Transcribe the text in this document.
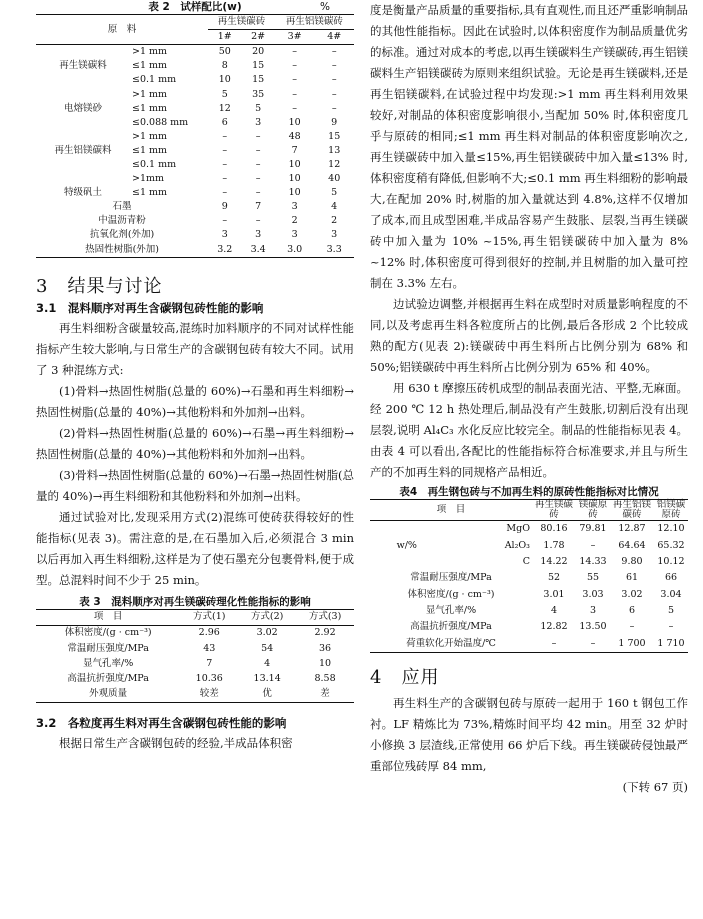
表 2　试样配比(w)	%
原　料		再生镁碳砖		再生铝镁碳砖	
		1#	2#	3#	4#
	>1 mm	50	20	–	–
再生镁碳料	≤1 mm	8	15	–	–
	≤0.1 mm	10	15	–	–
	>1 mm	5	35	–	–
电熔镁砂	≤1 mm	12	5	–	–
	≤0.088 mm	6	3	10	9
	>1 mm	–	–	48	15
再生铝镁碳料	≤1 mm	–	–	7	13
	≤0.1 mm	–	–	10	12
	>1mm	–	–	10	40
特级矾土	≤1 mm	–	–	10	5
石墨		9	7	3	4
中温沥青粉		–	–	2	2
抗氧化剂(外加)		3	3	3	3
热固性树脂(外加)		3.2	3.4	3.0	3.3
3　结果与讨论
3.1　混料顺序对再生含碳钢包砖性能的影响

再生料细粉含碳量较高,混练时加料顺序的不同对试样性能指标产生较大影响,与日常生产的含碳钢包砖有较大不同。试用了 3 种混练方式:

(1)骨料→热固性树脂(总量的 60%)→石墨和再生料细粉→热固性树脂(总量的 40%)→其他粉料和外加剂→出料。

(2)骨料→热固性树脂(总量的 60%)→石墨→再生料细粉→热固性树脂(总量的 40%)→其他粉料和外加剂→出料。

(3)骨料→热固性树脂(总量的 60%)→石墨→热固性树脂(总量的 40%)→再生料细粉和其他粉料和外加剂→出料。

通过试验对比,发现采用方式(2)混练可使砖获得较好的性能指标(见表 3)。需注意的是,在石墨加入后,必须混合 3 min 以后再加入再生料细粉,这样是为了使石墨充分包裹骨料,便于成型。总混料时间不少于 25 min。

表 3　混料顺序对再生镁碳砖理化性能指标的影响
项　目	方式(1)	方式(2)	方式(3)
体积密度/(g · cm⁻³)	2.96	3.02	2.92
常温耐压强度/MPa	43	54	36
显气孔率/%	7	4	10
高温抗折强度/MPa	10.36	13.14	8.58
外观质量	较差	优	差
3.2　各粒度再生料对再生含碳钢包砖性能的影响

根据日常生产含碳钢包砖的经验,半成品体积密

度是衡量产品质量的重要指标,具有直观性,而且还严重影响制品的其他性能指标。因此在试验时,以体积密度作为制品质量优劣的标准。通过对成本的考虑,以再生镁碳料生产镁碳砖,再生铝镁碳料生产铝镁碳砖为原则来组织试验。无论是再生镁碳料,还是再生铝镁碳料,在试验过程中均发现:>1 mm 再生料利用效果较好,对制品的体积密度影响很小,当配加 50% 时,体积密度几乎与原砖的相同;≤1 mm 再生料对制品的体积密度影响次之,再生镁碳砖中加入量≤15%,再生铝镁碳砖中加入量≤13% 时,体积密度稍有降低,但影响不大;≤0.1 mm 再生料细粉的影响最大,在配加 20% 时,树脂的加入量就达到 4.8%,这样不仅增加了成本,而且成型困难,半成品容易产生鼓胀、层裂,当再生镁碳砖中加入量为 10% ~15%,再生铝镁碳砖中加入量为 8% ~12% 时,体积密度可得到很好的控制,并且树脂的加入量可控制在 3.3% 左右。

边试验边调整,并根据再生料在成型时对质量影响程度的不同,以及考虑再生料各粒度所占的比例,最后各形成 2 个比较成熟的配方(见表 2):镁碳砖中再生料所占比例分别为 68% 和 50%;铝镁碳砖中再生料所占比例分别为 65% 和 40%。

用 630 t 摩擦压砖机成型的制品表面光洁、平整,无麻面。经 200 ℃ 12 h 热处理后,制品没有产生鼓胀,切割后没有出现层裂,说明 Al₄C₃ 水化反应比较完全。制品的性能指标见表 4。由表 4 可以看出,各配比的性能指标符合标准要求,并且与所生产的不加再生料的同规格产品相近。

表4　再生钢包砖与不加再生料的原砖性能指标对比情况
项　目		再生镁碳砖	镁碳原砖	再生铝镁碳砖	铝镁碳原砖
	MgO	80.16	79.81	12.87	12.10
w/%	Al₂O₃	1.78	–	64.64	65.32
	C	14.22	14.33	9.80	10.12
常温耐压强度/MPa		52	55	61	66
体积密度/(g · cm⁻³)		3.01	3.03	3.02	3.04
显气孔率/%		4	3	6	5
高温抗折强度/MPa		12.82	13.50	–	–
荷重软化开始温度/℃		–	–	1 700	1 710
4　应用

再生料生产的含碳钢包砖与原砖一起用于 160 t 钢包工作衬。LF 精炼比为 73%,精炼时间平均 42 min。用至 32 炉时小修换 3 层渣线,正常使用 66 炉后下线。再生镁碳砖侵蚀最严重部位残砖厚 84 mm,

(下转 67 页)
